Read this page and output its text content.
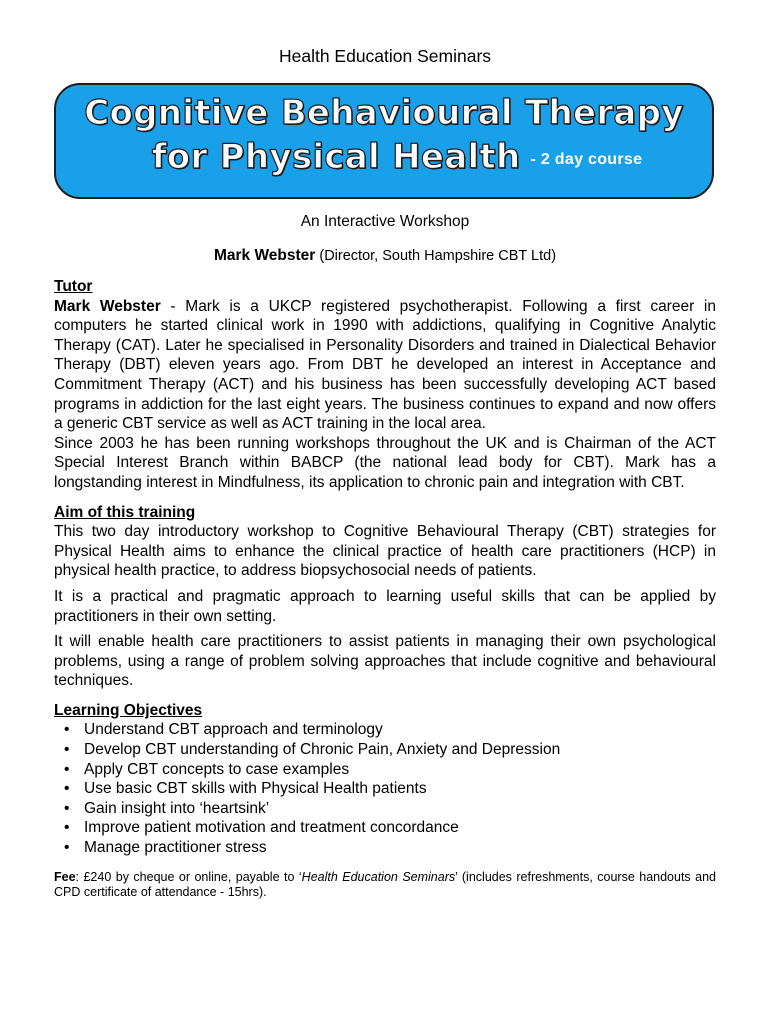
Health Education Seminars
Cognitive Behavioural Therapy
for Physical Health - 2 day course
An Interactive Workshop
Mark Webster (Director, South Hampshire CBT Ltd)
Tutor

Mark Webster - Mark is a UKCP registered psychotherapist. Following a first career in computers he started clinical work in 1990 with addictions, qualifying in Cognitive Analytic Therapy (CAT). Later he specialised in Personality Disorders and trained in Dialectical Behavior Therapy (DBT) eleven years ago. From DBT he developed an interest in Acceptance and Commitment Therapy (ACT) and his business has been successfully developing ACT based programs in addiction for the last eight years. The business continues to expand and now offers a generic CBT service as well as ACT training in the local area.

Since 2003 he has been running workshops throughout the UK and is Chairman of the ACT Special Interest Branch within BABCP (the national lead body for CBT). Mark has a longstanding interest in Mindfulness, its application to chronic pain and integration with CBT.

Aim of this training

This two day introductory workshop to Cognitive Behavioural Therapy (CBT) strategies for Physical Health aims to enhance the clinical practice of health care practitioners (HCP) in physical health practice, to address biopsychosocial needs of patients.

It is a practical and pragmatic approach to learning useful skills that can be applied by practitioners in their own setting.

It will enable health care practitioners to assist patients in managing their own psychological problems, using a range of problem solving approaches that include cognitive and behavioural techniques.

Learning Objectives
• Understand CBT approach and terminology
• Develop CBT understanding of Chronic Pain, Anxiety and Depression
• Apply CBT concepts to case examples
• Use basic CBT skills with Physical Health patients
• Gain insight into ‘heartsink’
• Improve patient motivation and treatment concordance
• Manage practitioner stress

Fee: £240 by cheque or online, payable to ‘Health Education Seminars’ (includes refreshments, course handouts and CPD certificate of attendance - 15hrs).
